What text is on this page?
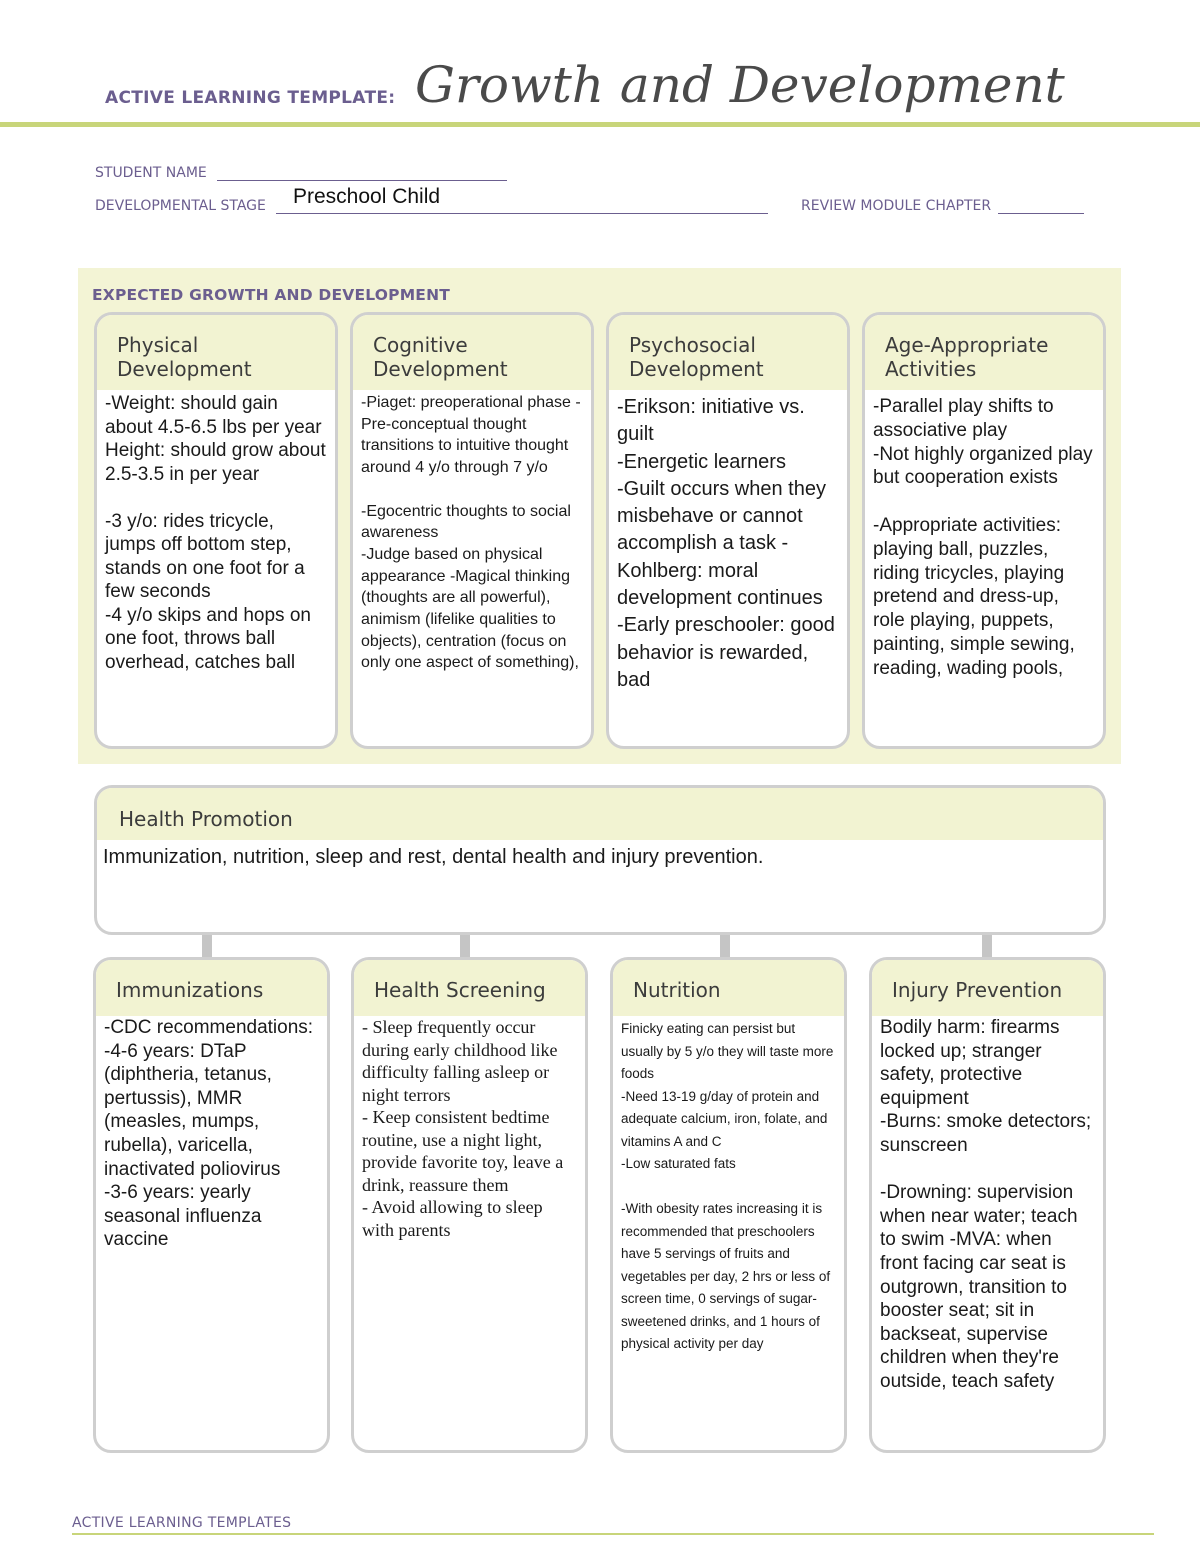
ACTIVE LEARNING TEMPLATE: Growth and Development
STUDENT NAME
DEVELOPMENTAL STAGE	Preschool Child	REVIEW MODULE CHAPTER
EXPECTED GROWTH AND DEVELOPMENT
Physical
Development
-Weight: should gain about 4.5-6.5 lbs per year Height: should grow about 2.5-3.5 in per year

-3 y/o: rides tricycle, jumps off bottom step, stands on one foot for a few seconds
-4 y/o skips and hops on one foot, throws ball overhead, catches ball
Cognitive
Development
-Piaget: preoperational phase -Pre-conceptual thought transitions to intuitive thought around 4 y/o through 7 y/o

-Egocentric thoughts to social awareness
-Judge based on physical appearance -Magical thinking (thoughts are all powerful), animism (lifelike qualities to objects), centration (focus on only one aspect of something),
Psychosocial
Development
-Erikson: initiative vs. guilt
-Energetic learners
-Guilt occurs when they misbehave or cannot accomplish a task -Kohlberg: moral development continues
-Early preschooler: good behavior is rewarded, bad
Age-Appropriate
Activities
-Parallel play shifts to associative play
-Not highly organized play but cooperation exists

-Appropriate activities: playing ball, puzzles, riding tricycles, playing pretend and dress-up, role playing, puppets, painting, simple sewing, reading, wading pools,
Health Promotion
Immunization, nutrition, sleep and rest, dental health and injury prevention.
Immunizations
-CDC recommendations:
-4-6 years: DTaP (diphtheria, tetanus, pertussis), MMR (measles, mumps, rubella), varicella, inactivated poliovirus
-3-6 years: yearly seasonal influenza vaccine
Health Screening
- Sleep frequently occur during early childhood like difficulty falling asleep or night terrors
- Keep consistent bedtime routine, use a night light, provide favorite toy, leave a drink, reassure them
- Avoid allowing to sleep with parents
Nutrition
Finicky eating can persist but usually by 5 y/o they will taste more foods
-Need 13-19 g/day of protein and adequate calcium, iron, folate, and vitamins A and C
-Low saturated fats

-With obesity rates increasing it is recommended that preschoolers have 5 servings of fruits and vegetables per day, 2 hrs or less of screen time, 0 servings of sugar-sweetened drinks, and 1 hours of physical activity per day
Injury Prevention
Bodily harm: firearms locked up; stranger safety, protective equipment
-Burns: smoke detectors; sunscreen

-Drowning: supervision when near water; teach to swim -MVA: when front facing car seat is outgrown, transition to booster seat; sit in backseat, supervise children when they're outside, teach safety
ACTIVE LEARNING TEMPLATES
